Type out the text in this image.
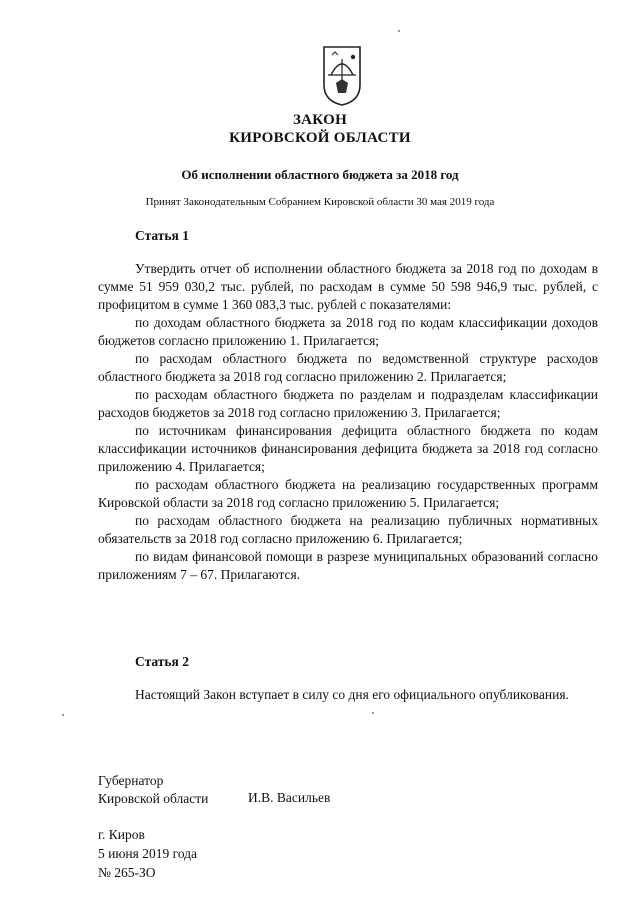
ЗАКОН
КИРОВСКОЙ ОБЛАСТИ
Об исполнении областного бюджета за 2018 год
Принят Законодательным Собранием Кировской области 30 мая 2019 года
Статья 1

Утвердить отчет об исполнении областного бюджета за 2018 год по доходам в сумме 51 959 030,2 тыс. рублей, по расходам в сумме 50 598 946,9 тыс. рублей, с профицитом в сумме 1 360 083,3 тыс. рублей с показателями:

по доходам областного бюджета за 2018 год по кодам классификации доходов бюджетов согласно приложению 1. Прилагается;

по расходам областного бюджета по ведомственной структуре расходов областного бюджета за 2018 год согласно приложению 2. Прилагается;

по расходам областного бюджета по разделам и подразделам классификации расходов бюджетов за 2018 год согласно приложению 3. Прилагается;

по источникам финансирования дефицита областного бюджета по кодам классификации источников финансирования дефицита бюджета за 2018 год согласно приложению 4. Прилагается;

по расходам областного бюджета на реализацию государственных программ Кировской области за 2018 год согласно приложению 5. Прилагается;

по расходам областного бюджета на реализацию публичных нормативных обязательств за 2018 год согласно приложению 6. Прилагается;

по видам финансовой помощи в разрезе муниципальных образований согласно приложениям 7 – 67. Прилагаются.

Статья 2

Настоящий Закон вступает в силу со дня его официального опубликования.

Губернатор
Кировской области	И.В. Васильев
г. Киров
5 июня 2019 года
№ 265-ЗО
